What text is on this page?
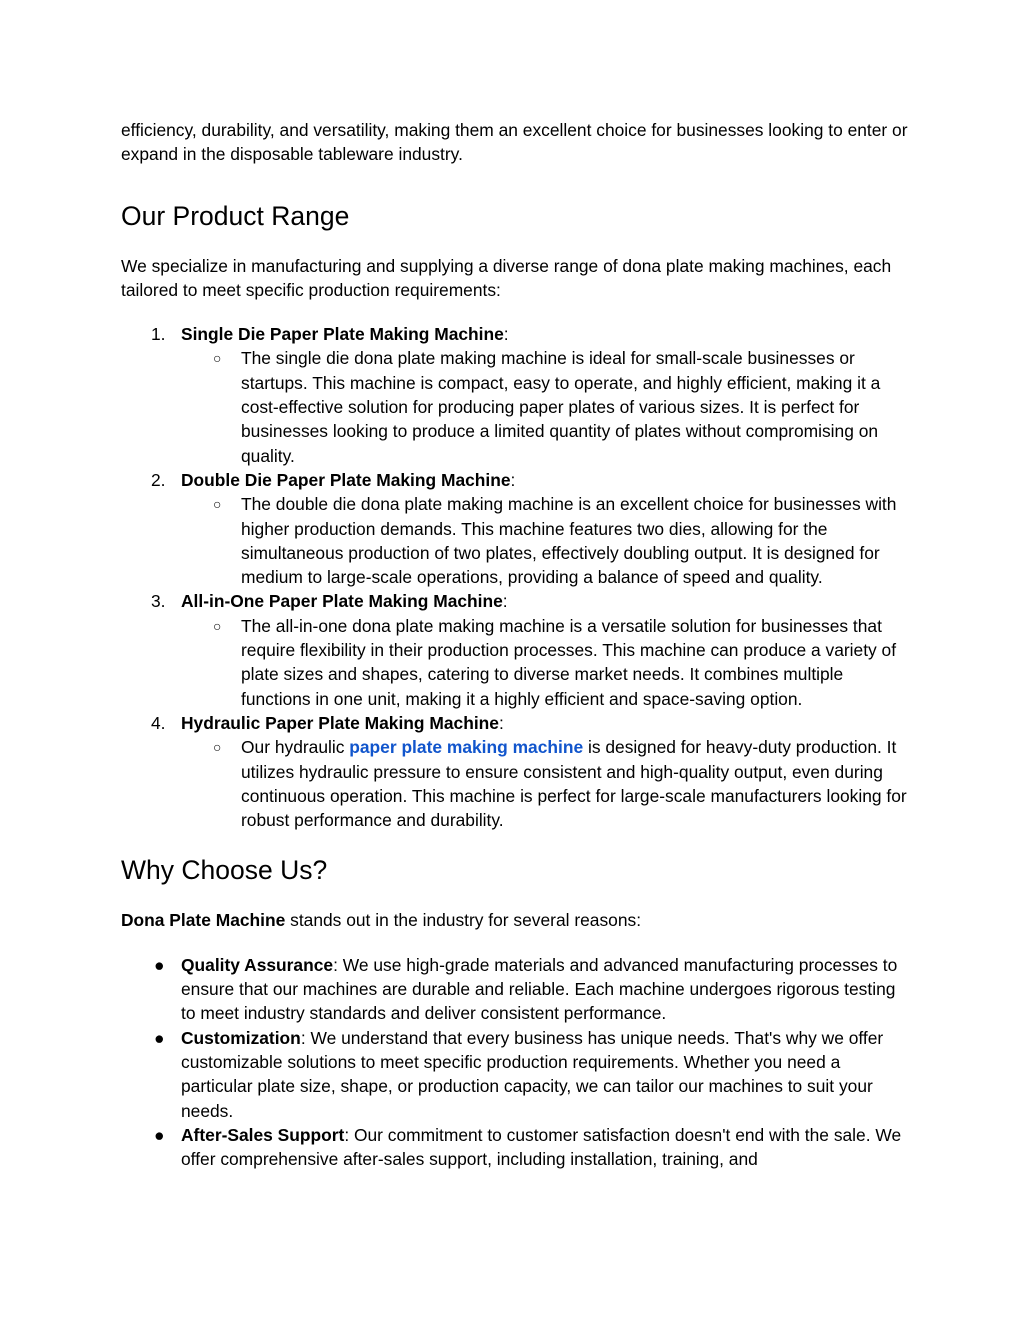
efficiency, durability, and versatility, making them an excellent choice for businesses looking to enter or expand in the disposable tableware industry.

Our Product Range

We specialize in manufacturing and supplying a diverse range of dona plate making machines, each tailored to meet specific production requirements:

1. Single Die Paper Plate Making Machine:
○ The single die dona plate making machine is ideal for small-scale businesses or startups. This machine is compact, easy to operate, and highly efficient, making it a cost-effective solution for producing paper plates of various sizes. It is perfect for businesses looking to produce a limited quantity of plates without compromising on quality.
2. Double Die Paper Plate Making Machine:
○ The double die dona plate making machine is an excellent choice for businesses with higher production demands. This machine features two dies, allowing for the simultaneous production of two plates, effectively doubling output. It is designed for medium to large-scale operations, providing a balance of speed and quality.
3. All-in-One Paper Plate Making Machine:
○ The all-in-one dona plate making machine is a versatile solution for businesses that require flexibility in their production processes. This machine can produce a variety of plate sizes and shapes, catering to diverse market needs. It combines multiple functions in one unit, making it a highly efficient and space-saving option.
4. Hydraulic Paper Plate Making Machine:
○ Our hydraulic paper plate making machine is designed for heavy-duty production. It utilizes hydraulic pressure to ensure consistent and high-quality output, even during continuous operation. This machine is perfect for large-scale manufacturers looking for robust performance and durability.
Why Choose Us?

Dona Plate Machine stands out in the industry for several reasons:

● Quality Assurance: We use high-grade materials and advanced manufacturing processes to ensure that our machines are durable and reliable. Each machine undergoes rigorous testing to meet industry standards and deliver consistent performance.
● Customization: We understand that every business has unique needs. That's why we offer customizable solutions to meet specific production requirements. Whether you need a particular plate size, shape, or production capacity, we can tailor our machines to suit your needs.
● After-Sales Support: Our commitment to customer satisfaction doesn't end with the sale. We offer comprehensive after-sales support, including installation, training, and
